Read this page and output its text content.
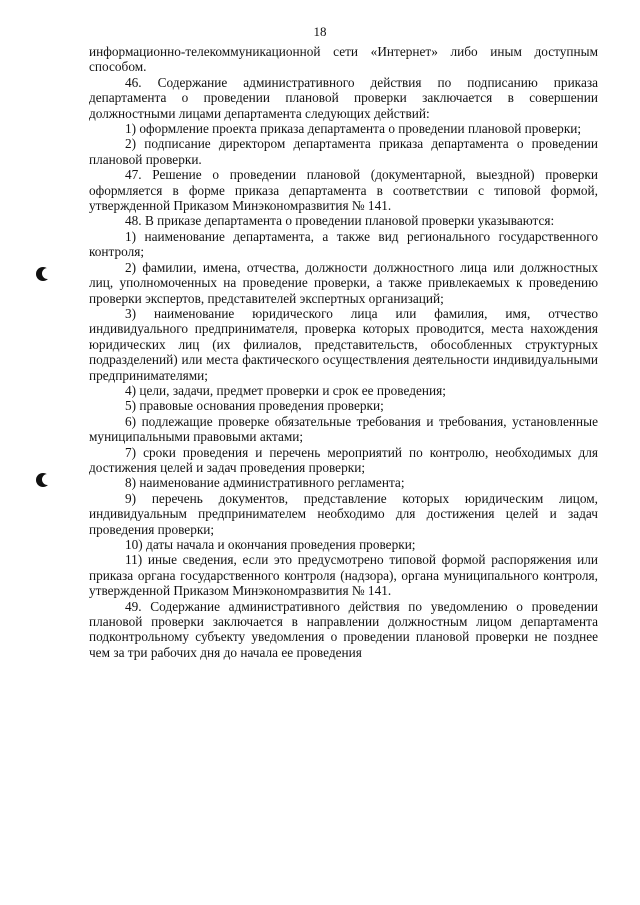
18

информационно-телекоммуникационной сети «Интернет» либо иным доступным способом.

46. Содержание административного действия по подписанию приказа департамента о проведении плановой проверки заключается в совершении должностными лицами департамента следующих действий:

1) оформление проекта приказа департамента о проведении плановой проверки;

2) подписание директором департамента приказа департамента о проведении плановой проверки.

47. Решение о проведении плановой (документарной, выездной) проверки оформляется в форме приказа департамента в соответствии с типовой формой, утвержденной Приказом Минэкономразвития № 141.

48. В приказе департамента о проведении плановой проверки указываются:

1) наименование департамента, а также вид регионального государственного контроля;

2) фамилии, имена, отчества, должности должностного лица или должностных лиц, уполномоченных на проведение проверки, а также привлекаемых к проведению проверки экспертов, представителей экспертных организаций;

3) наименование юридического лица или фамилия, имя, отчество индивидуального предпринимателя, проверка которых проводится, места нахождения юридических лиц (их филиалов, представительств, обособленных структурных подразделений) или места фактического осуществления деятельности индивидуальными предпринимателями;

4) цели, задачи, предмет проверки и срок ее проведения;

5) правовые основания проведения проверки;

6) подлежащие проверке обязательные требования и требования, установленные муниципальными правовыми актами;

7) сроки проведения и перечень мероприятий по контролю, необходимых для достижения целей и задач проведения проверки;

8) наименование административного регламента;

9) перечень документов, представление которых юридическим лицом, индивидуальным предпринимателем необходимо для достижения целей и задач проведения проверки;

10) даты начала и окончания проведения проверки;

11) иные сведения, если это предусмотрено типовой формой распоряжения или приказа органа государственного контроля (надзора), органа муниципального контроля, утвержденной Приказом Минэкономразвития № 141.

49. Содержание административного действия по уведомлению о проведении плановой проверки заключается в направлении должностным лицом департамента подконтрольному субъекту уведомления о проведении плановой проверки не позднее чем за три рабочих дня до начала ее проведения
